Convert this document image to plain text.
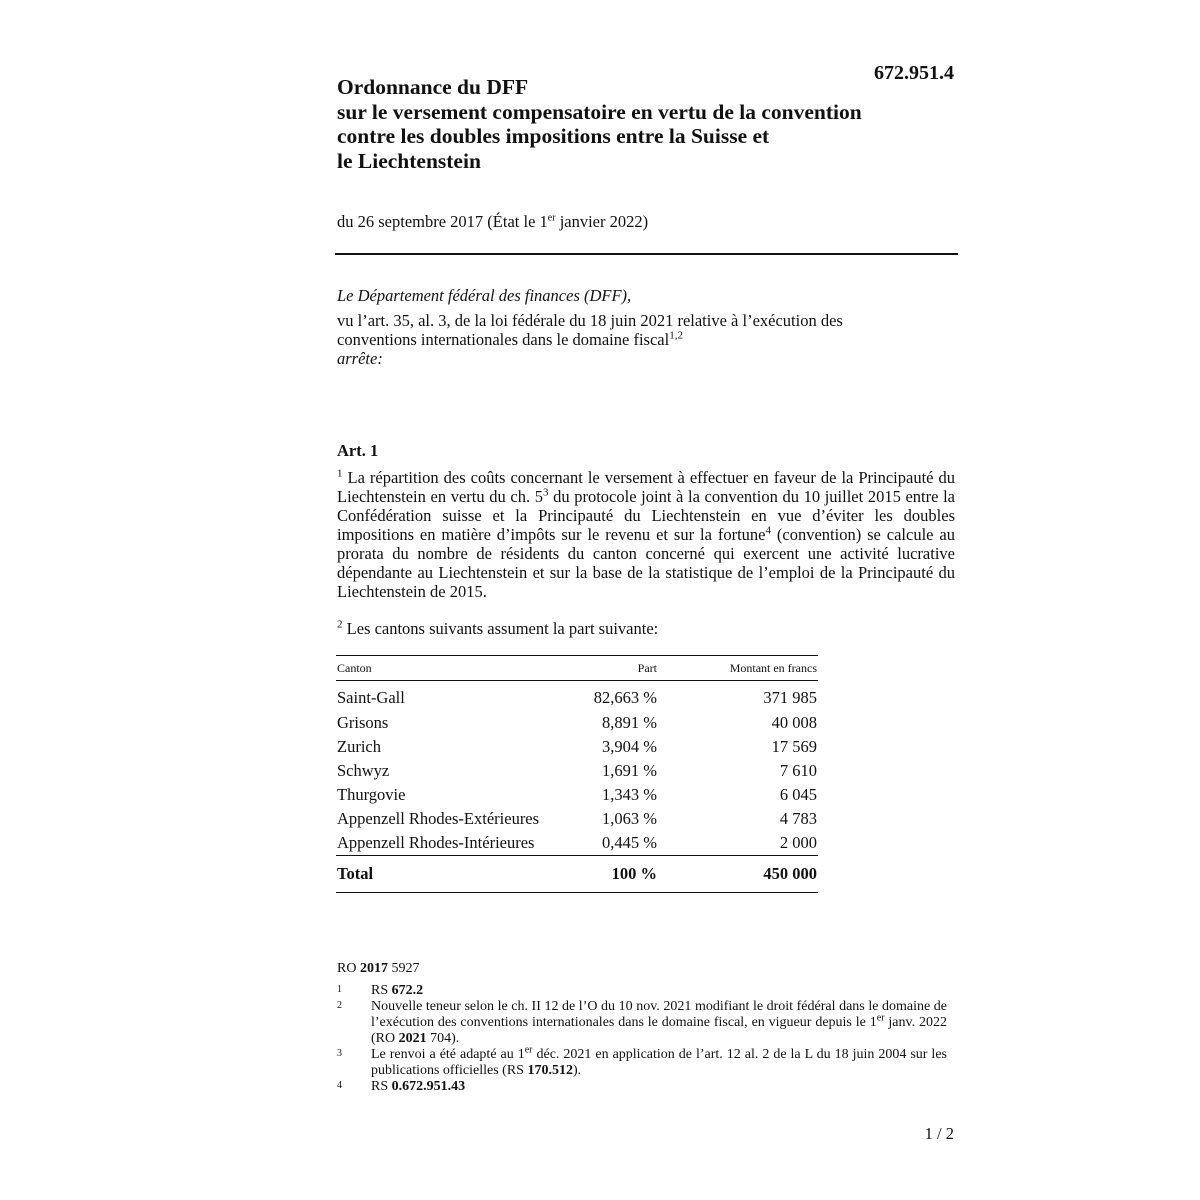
672.951.4
Ordonnance du DFF
sur le versement compensatoire en vertu de la convention
contre les doubles impositions entre la Suisse et
le Liechtenstein
du 26 septembre 2017 (État le 1er janvier 2022)
Le Département fédéral des finances (DFF),
vu l’art. 35, al. 3, de la loi fédérale du 18 juin 2021 relative à l’exécution des
conventions internationales dans le domaine fiscal$^{1,2}$
arrête:
Art. 1
$^1$ La répartition des coûts concernant le versement à effectuer en faveur de la Principauté du Liechtenstein en vertu du ch. 5$^3$ du protocole joint à la convention du 10 juillet 2015 entre la Confédération suisse et la Principauté du Liechtenstein en vue d’éviter les doubles impositions en matière d’impôts sur le revenu et sur la fortune$^4$ (convention) se calcule au prorata du nombre de résidents du canton concerné qui exercent une activité lucrative dépendante au Liechtenstein et sur la base de la statistique de l’emploi de la Principauté du Liechtenstein de 2015.
$^2$ Les cantons suivants assument la part suivante:
Canton	Part	Montant en francs
Saint-Gall	82,663 %	371 985
Grisons	8,891 %	40 008
Zurich	3,904 %	17 569
Schwyz	1,691 %	7 610
Thurgovie	1,343 %	6 045
Appenzell Rhodes-Extérieures	1,063 %	4 783
Appenzell Rhodes-Intérieures	0,445 %	2 000
Total	100 %	450 000
RO 2017 5927
1	RS 672.2
2	Nouvelle teneur selon le ch. II 12 de l’O du 10 nov. 2021 modifiant le droit fédéral dans le domaine de l’exécution des conventions internationales dans le domaine fiscal, en vigueur depuis le 1er janv. 2022 (RO 2021 704).
3	Le renvoi a été adapté au 1er déc. 2021 en application de l’art. 12 al. 2 de la L du 18 juin 2004 sur les publications officielles (RS 170.512).
4	RS 0.672.951.43
1 / 2
